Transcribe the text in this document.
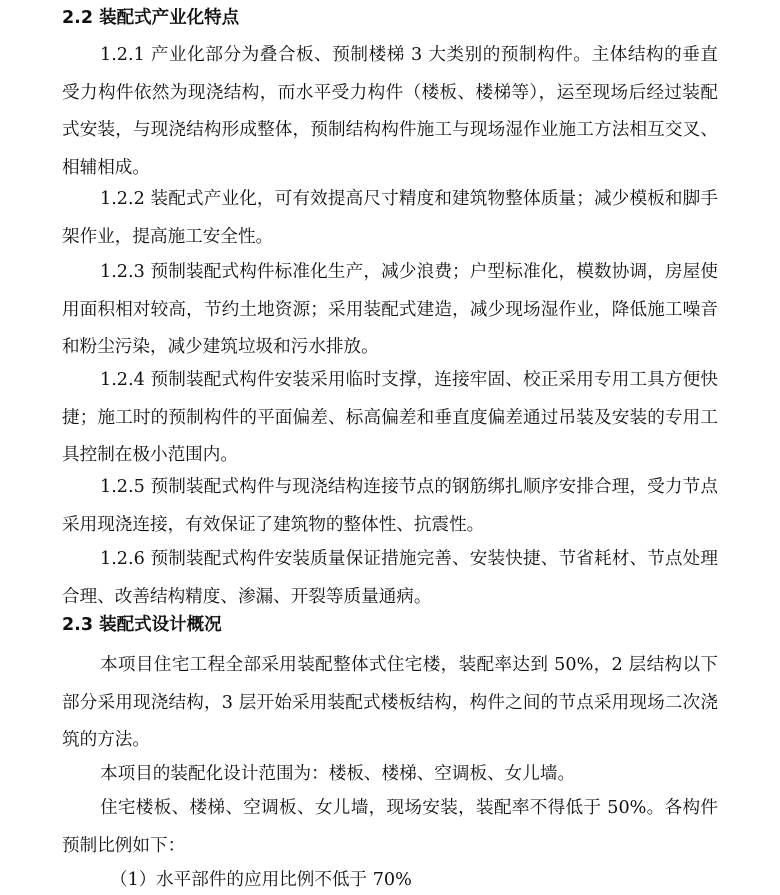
2.2 装配式产业化特点

1.2.1 产业化部分为叠合板、预制楼梯 3 大类别的预制构件。主体结构的垂直受力构件依然为现浇结构，而水平受力构件（楼板、楼梯等），运至现场后经过装配式安装，与现浇结构形成整体，预制结构构件施工与现场湿作业施工方法相互交叉、相辅相成。

1.2.2 装配式产业化，可有效提高尺寸精度和建筑物整体质量；减少模板和脚手架作业，提高施工安全性。

1.2.3 预制装配式构件标准化生产，减少浪费；户型标准化，模数协调，房屋使用面积相对较高，节约土地资源；采用装配式建造，减少现场湿作业，降低施工噪音和粉尘污染，减少建筑垃圾和污水排放。

1.2.4 预制装配式构件安装采用临时支撑，连接牢固、校正采用专用工具方便快捷；施工时的预制构件的平面偏差、标高偏差和垂直度偏差通过吊装及安装的专用工具控制在极小范围内。

1.2.5 预制装配式构件与现浇结构连接节点的钢筋绑扎顺序安排合理，受力节点采用现浇连接，有效保证了建筑物的整体性、抗震性。

1.2.6 预制装配式构件安装质量保证措施完善、安装快捷、节省耗材、节点处理合理、改善结构精度、渗漏、开裂等质量通病。

2.3 装配式设计概况

本项目住宅工程全部采用装配整体式住宅楼，装配率达到 50%，2 层结构以下部分采用现浇结构，3 层开始采用装配式楼板结构，构件之间的节点采用现场二次浇筑的方法。

本项目的装配化设计范围为：楼板、楼梯、空调板、女儿墙。

住宅楼板、楼梯、空调板、女儿墙，现场安装，装配率不得低于 50%。各构件预制比例如下：

（1）水平部件的应用比例不低于 70%
